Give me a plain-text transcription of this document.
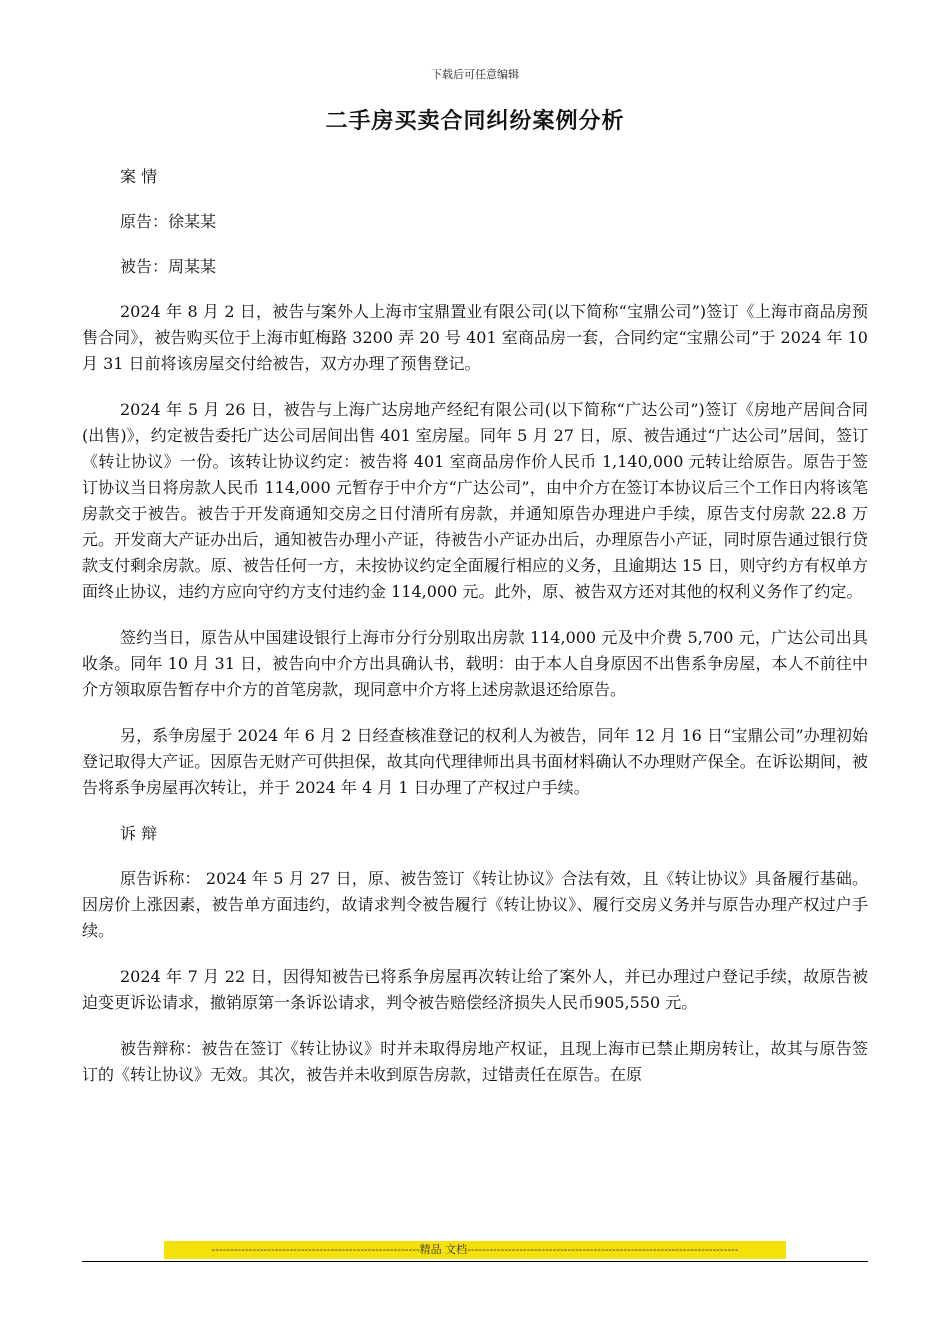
下载后可任意编辑
二手房买卖合同纠纷案例分析

案 情

原告：徐某某

被告：周某某

2024 年 8 月 2 日，被告与案外人上海市宝鼎置业有限公司(以下简称“宝鼎公司”)签订《上海市商品房预售合同》，被告购买位于上海市虹梅路 3200 弄 20 号 401 室商品房一套，合同约定“宝鼎公司”于 2024 年 10 月 31 日前将该房屋交付给被告，双方办理了预售登记。

2024 年 5 月 26 日，被告与上海广达房地产经纪有限公司(以下简称“广达公司”)签订《房地产居间合同(出售)》，约定被告委托广达公司居间出售 401 室房屋。同年 5 月 27 日，原、被告通过“广达公司”居间，签订《转让协议》一份。该转让协议约定：被告将 401 室商品房作价人民币 1,140,000 元转让给原告。原告于签订协议当日将房款人民币 114,000 元暂存于中介方“广达公司”，由中介方在签订本协议后三个工作日内将该笔房款交于被告。被告于开发商通知交房之日付清所有房款，并通知原告办理进户手续，原告支付房款 22.8 万元。开发商大产证办出后，通知被告办理小产证，待被告小产证办出后，办理原告小产证，同时原告通过银行贷款支付剩余房款。原、被告任何一方，未按协议约定全面履行相应的义务，且逾期达 15 日，则守约方有权单方面终止协议，违约方应向守约方支付违约金 114,000 元。此外，原、被告双方还对其他的权利义务作了约定。

签约当日，原告从中国建设银行上海市分行分别取出房款 114,000 元及中介费 5,700 元，广达公司出具收条。同年 10 月 31 日，被告向中介方出具确认书，载明：由于本人自身原因不出售系争房屋，本人不前往中介方领取原告暂存中介方的首笔房款，现同意中介方将上述房款退还给原告。

另，系争房屋于 2024 年 6 月 2 日经查核准登记的权利人为被告，同年 12 月 16 日“宝鼎公司”办理初始登记取得大产证。因原告无财产可供担保，故其向代理律师出具书面材料确认不办理财产保全。在诉讼期间，被告将系争房屋再次转让，并于 2024 年 4 月 1 日办理了产权过户手续。

诉 辩

原告诉称： 2024 年 5 月 27 日，原、被告签订《转让协议》合法有效，且《转让协议》具备履行基础。因房价上涨因素，被告单方面违约，故请求判令被告履行《转让协议》、履行交房义务并与原告办理产权过户手续。

2024 年 7 月 22 日，因得知被告已将系争房屋再次转让给了案外人，并已办理过户登记手续，故原告被迫变更诉讼请求，撤销原第一条诉讼请求，判令被告赔偿经济损失人民币905,550 元。

被告辩称：被告在签订《转让协议》时并未取得房地产权证，且现上海市已禁止期房转让，故其与原告签订的《转让协议》无效。其次，被告并未收到原告房款，过错责任在原告。在原

--------------------------------------------------------精品 文档-------------------------------------------------------------------------
